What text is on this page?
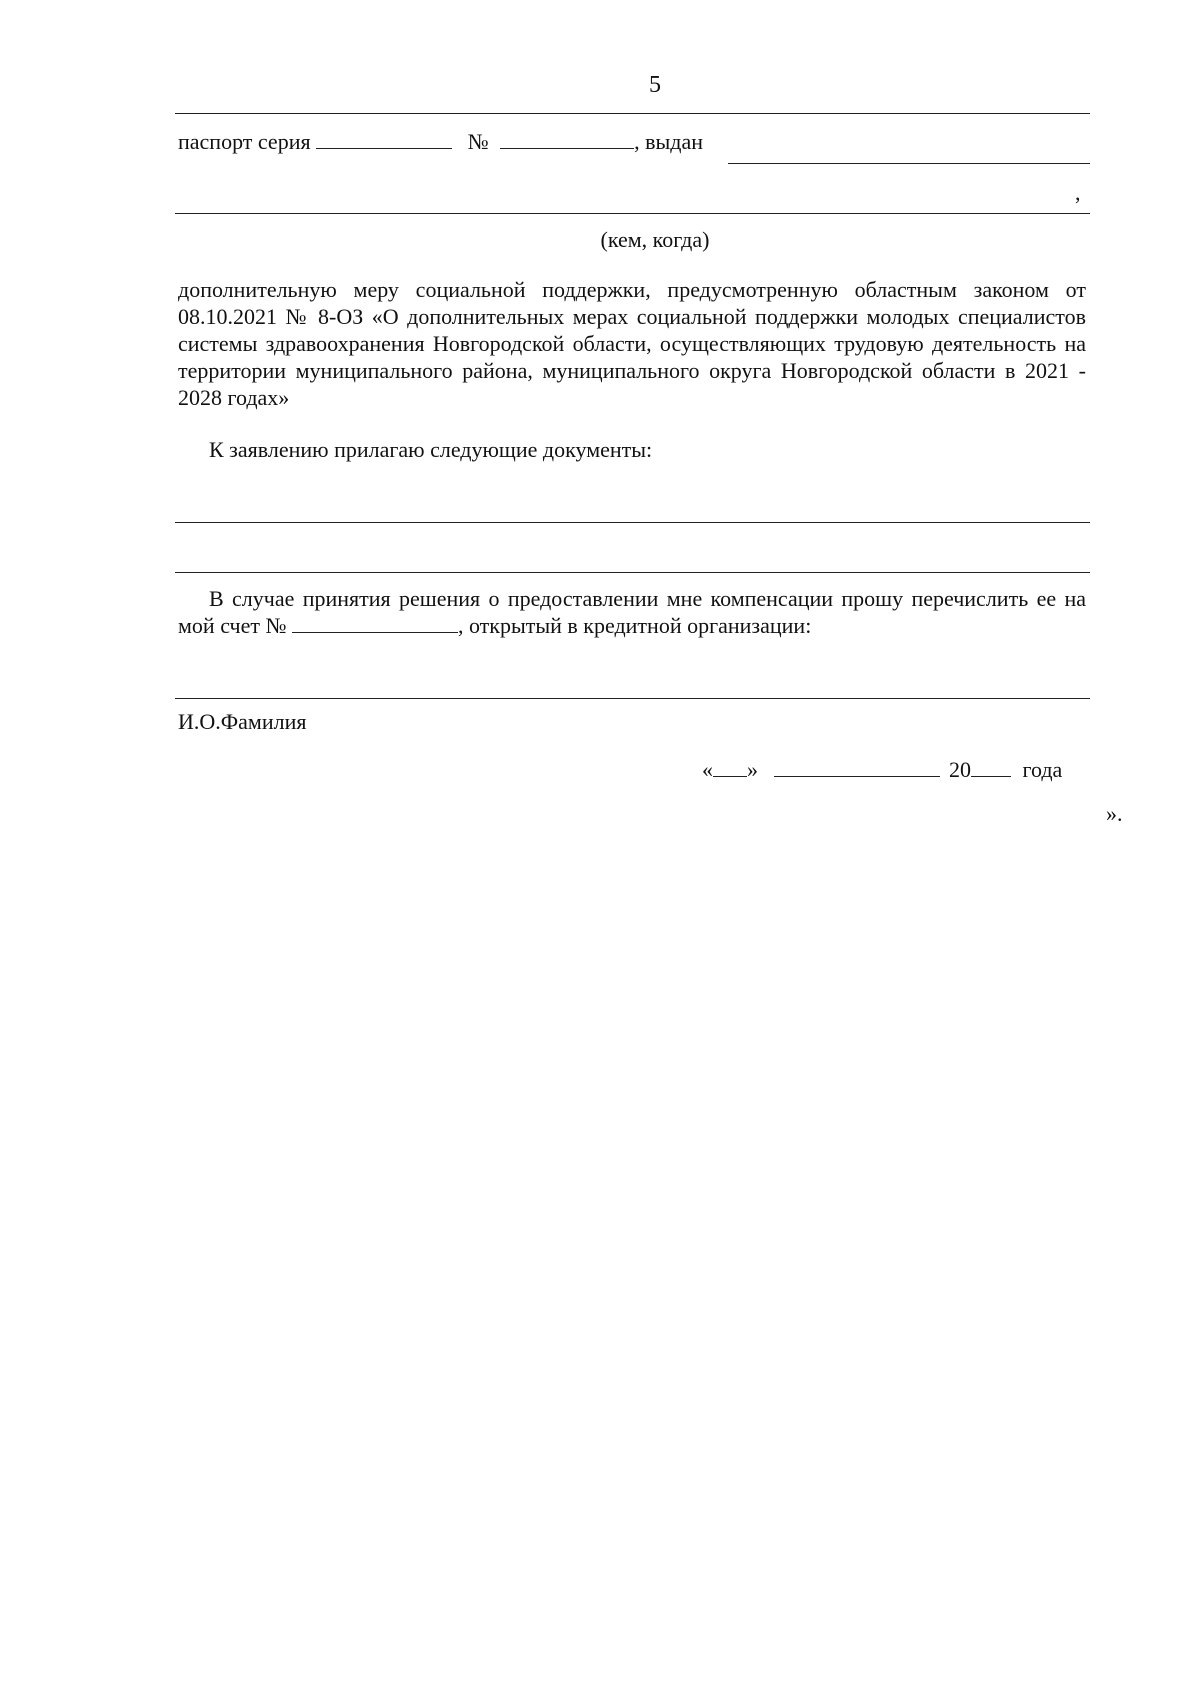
5
паспорт серия	№	, выдан
,
(кем, когда)
дополнительную меру социальной поддержки, предусмотренную областным законом от 08.10.2021 № 8-ОЗ «О дополнительных мерах социальной поддержки молодых специалистов системы здравоохранения Новгородской области, осуществляющих трудовую деятельность на территории муниципального района, муниципального округа Новгородской области в 2021 - 2028 годах»
К заявлению прилагаю следующие документы:
В случае принятия решения о предоставлении мне компенсации прошу перечислить ее на мой счет №	, открытый в кредитной организации:
И.О.Фамилия
« »	20 года
».
